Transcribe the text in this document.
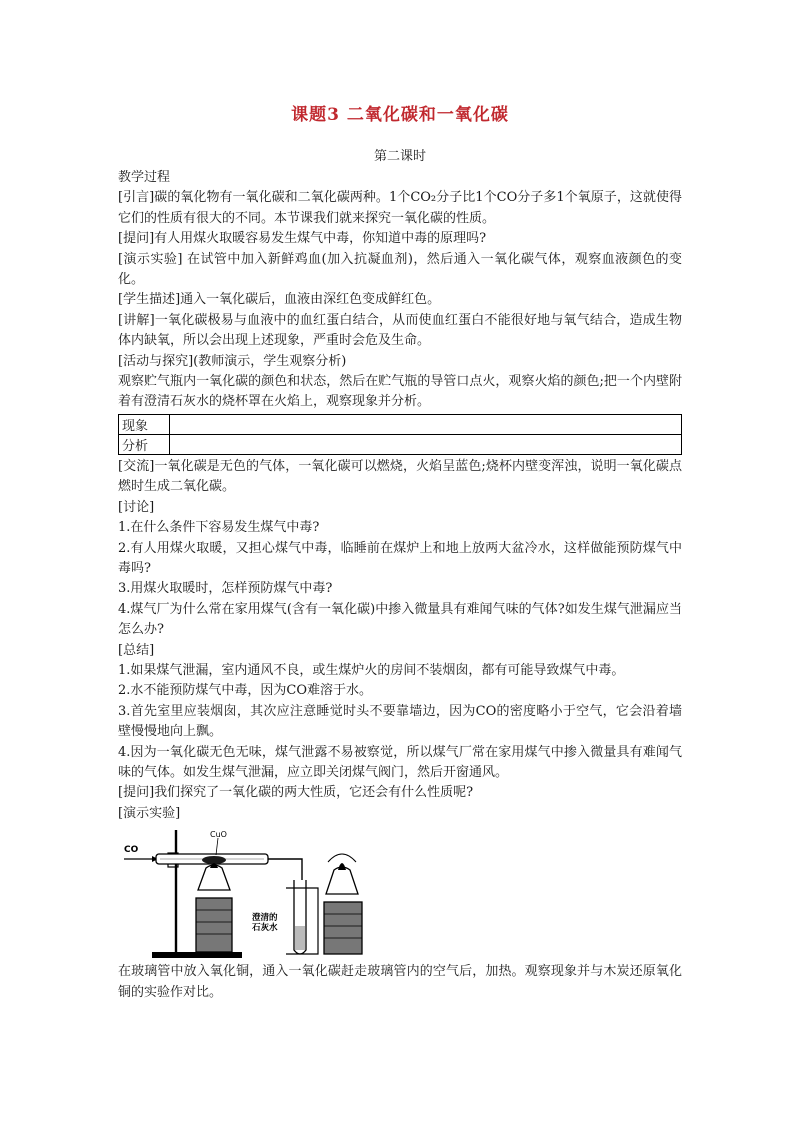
课题3 二氧化碳和一氧化碳
第二课时

教学过程

[引言]碳的氧化物有一氧化碳和二氧化碳两种。1个CO₂分子比1个CO分子多1个氧原子，这就使得它们的性质有很大的不同。本节课我们就来探究一氧化碳的性质。

[提问]有人用煤火取暖容易发生煤气中毒，你知道中毒的原理吗?

[演示实验] 在试管中加入新鲜鸡血(加入抗凝血剂)，然后通入一氧化碳气体，观察血液颜色的变化。

[学生描述]通入一氧化碳后，血液由深红色变成鲜红色。

[讲解]一氧化碳极易与血液中的血红蛋白结合，从而使血红蛋白不能很好地与氧气结合，造成生物体内缺氧，所以会出现上述现象，严重时会危及生命。

[活动与探究](教师演示，学生观察分析)

观察贮气瓶内一氧化碳的颜色和状态，然后在贮气瓶的导管口点火，观察火焰的颜色;把一个内壁附着有澄清石灰水的烧杯罩在火焰上，观察现象并分析。

现象	
分析	

[交流]一氧化碳是无色的气体，一氧化碳可以燃烧，火焰呈蓝色;烧杯内壁变浑浊，说明一氧化碳点燃时生成二氧化碳。

[讨论]

1.在什么条件下容易发生煤气中毒?

2.有人用煤火取暖，又担心煤气中毒，临睡前在煤炉上和地上放两大盆冷水，这样做能预防煤气中毒吗?

3.用煤火取暖时，怎样预防煤气中毒?

4.煤气厂为什么常在家用煤气(含有一氧化碳)中掺入微量具有难闻气味的气体?如发生煤气泄漏应当怎么办?

[总结]

1.如果煤气泄漏，室内通风不良，或生煤炉火的房间不装烟囱，都有可能导致煤气中毒。

2.水不能预防煤气中毒，因为CO难溶于水。

3.首先室里应装烟囱，其次应注意睡觉时头不要靠墙边，因为CO的密度略小于空气，它会沿着墙壁慢慢地向上飘。

4.因为一氧化碳无色无味，煤气泄露不易被察觉，所以煤气厂常在家用煤气中掺入微量具有难闻气味的气体。如发生煤气泄漏，应立即关闭煤气阀门，然后开窗通风。

[提问]我们探究了一氧化碳的两大性质，它还会有什么性质呢?

[演示实验]

CO
CuO
澄清的
石灰水

在玻璃管中放入氧化铜，通入一氧化碳赶走玻璃管内的空气后，加热。观察现象并与木炭还原氧化铜的实验作对比。
